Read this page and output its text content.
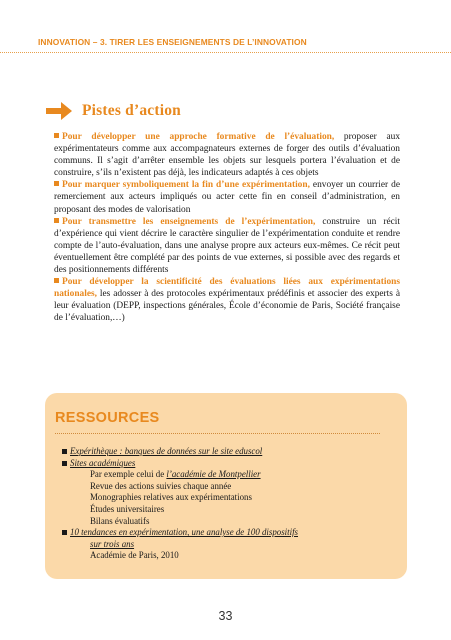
INNOVATION – 3. TIRER LES ENSEIGNEMENTS DE L’INNOVATION
Pistes d’action

Pour développer une approche formative de l’évaluation, proposer aux expérimentateurs comme aux accompagnateurs externes de forger des outils d’évaluation communs. Il s’agit d’arrêter ensemble les objets sur lesquels portera l’évaluation et de construire, s’ils n’existent pas déjà, les indicateurs adaptés à ces objets

Pour marquer symboliquement la fin d’une expérimentation, envoyer un courrier de remerciement aux acteurs impliqués ou acter cette fin en conseil d’administration, en proposant des modes de valorisation

Pour transmettre les enseignements de l’expérimentation, construire un récit d’expérience qui vient décrire le caractère singulier de l’expérimentation conduite et rendre compte de l’auto-évaluation, dans une analyse propre aux acteurs eux-mêmes. Ce récit peut éventuellement être complété par des points de vue externes, si possible avec des regards et des positionnements différents

Pour développer la scientificité des évaluations liées aux expérimentations nationales, les adosser à des protocoles expérimentaux prédéfinis et associer des experts à leur évaluation (DEPP, inspections générales, École d’économie de Paris, Société française de l’évaluation,…)

RESSOURCES
Expérithèque : banques de données sur le site eduscol
Sites académiques
Par exemple celui de l’académie de Montpellier
Revue des actions suivies chaque année
Monographies relatives aux expérimentations
Études universitaires
Bilans évaluatifs
10 tendances en expérimentation, une analyse de 100 dispositifs
sur trois ans
Académie de Paris, 2010
33
